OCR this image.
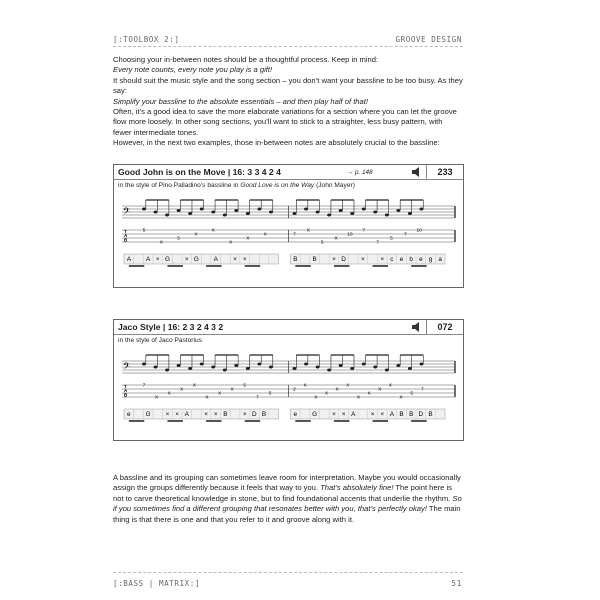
[:TOOLBOX 2:]	GROOVE DESIGN

Choosing your in-between notes should be a thoughtful process. Keep in mind:
Every note counts, every note you play is a gift!
It should suit the music style and the song section – you don’t want your bassline to be too busy. As they say:
Simplify your bassline to the absolute essentials – and then play half of that!
Often, it’s a good idea to save the more elaborate variations for a section where you can let the groove flow more loosely. In other song sections, you’ll want to stick to a straighter, less busy pattern, with fewer intermediate tones.
However, in the next two examples, those in-between notes are absolutely crucial to the bassline:

Good John is on the Move | 16: 3 3 4 2 4	→ p. 148	233
in the style of Pino Palladino’s bassline in Good Love is on the Way (John Mayer)
𝄢
T
A
B
5
X
5
X
X
X
X
X	7
X
5
X
10
7
7
5
7
10
A A × G × G A × ×	B B × D × × c e b e g a
Jaco Style | 16: 2 3 2 4 3 2	072
in the style of Jaco Pastorius
𝄢
T
A
B
7
X
X
X
X
X
X
X
5
7
5
2
X
X
X
X
X
X
X
X
X
X
5
7
e G × × A × × B × D B	e G × × A × × A B B D B

A bassline and its grouping can sometimes leave room for interpretation. Maybe you would occasionally assign the groups differently because it feels that way to you. That’s absolutely fine! The point here is not to carve theoretical knowledge in stone, but to find foundational accents that underlie the rhythm. So if you sometimes find a different grouping that resonates better with you, that’s perfectly okay! The main thing is that there is one and that you refer to it and groove along with it.

[:BASS | MATRIX:]	51
